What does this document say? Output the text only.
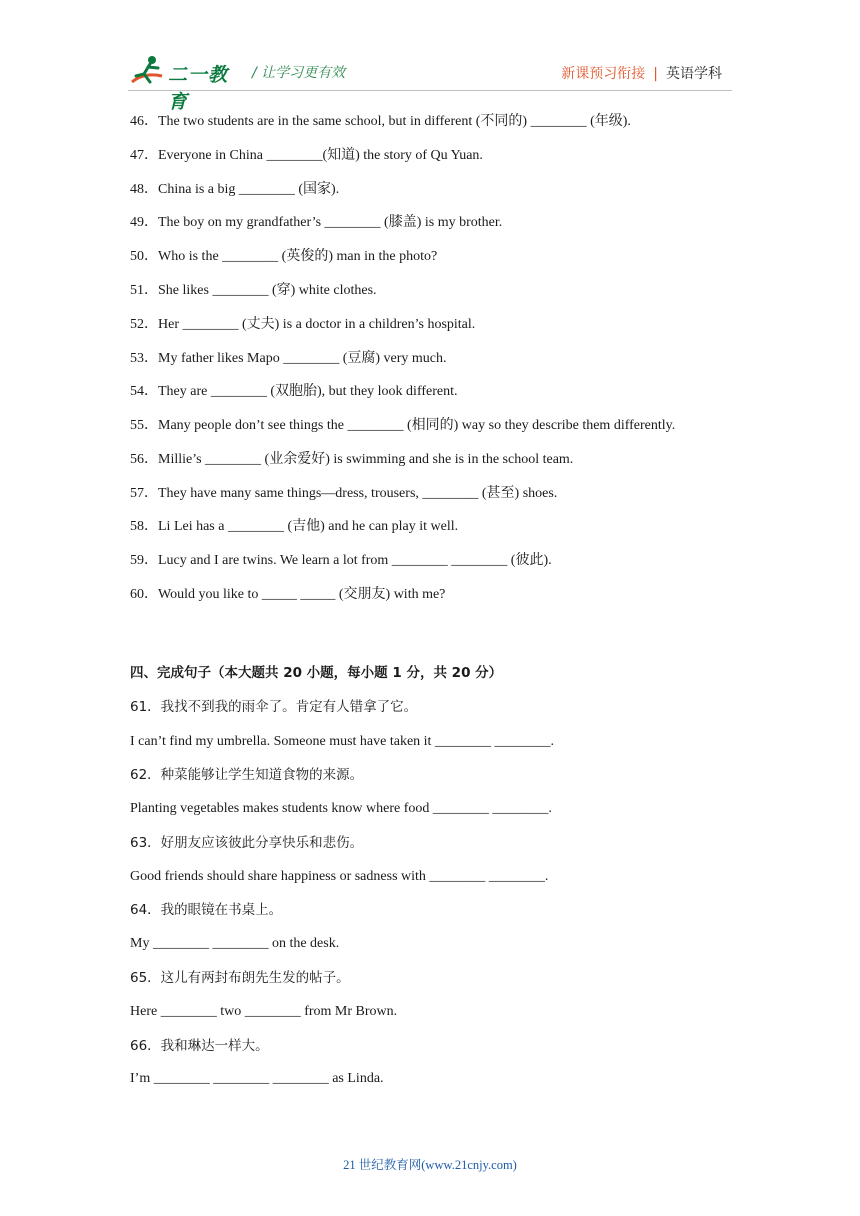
二一教育
/ 让学习更有效	新课预习衔接 | 英语学科
46．The two students are in the same school, but in different (不同的) ________ (年级).
47．Everyone in China ________(知道) the story of Qu Yuan.
48．China is a big ________ (国家).
49．The boy on my grandfather’s ________ (膝盖) is my brother.
50．Who is the ________ (英俊的) man in the photo?
51．She likes ________ (穿) white clothes.
52．Her ________ (丈夫) is a doctor in a children’s hospital.
53．My father likes Mapo ________ (豆腐) very much.
54．They are ________ (双胞胎), but they look different.
55．Many people don’t see things the ________ (相同的) way so they describe them differently.
56．Millie’s ________ (业余爱好) is swimming and she is in the school team.
57．They have many same things—dress, trousers, ________ (甚至) shoes.
58．Li Lei has a ________ (吉他) and he can play it well.
59．Lucy and I are twins. We learn a lot from ________ ________ (彼此).
60．Would you like to _____ _____ (交朋友) with me?
四、完成句子（本大题共 20 小题，每小题 1 分，共 20 分）
61．我找不到我的雨伞了。肯定有人错拿了它。
I can’t find my umbrella. Someone must have taken it ________ ________.
62．种菜能够让学生知道食物的来源。
Planting vegetables makes students know where food ________ ________.
63．好朋友应该彼此分享快乐和悲伤。
Good friends should share happiness or sadness with ________ ________.
64．我的眼镜在书桌上。
My ________ ________ on the desk.
65．这儿有两封布朗先生发的帖子。
Here ________ two ________ from Mr Brown.
66．我和琳达一样大。
I’m ________ ________ ________ as Linda.
21 世纪教育网(www.21cnjy.com)
